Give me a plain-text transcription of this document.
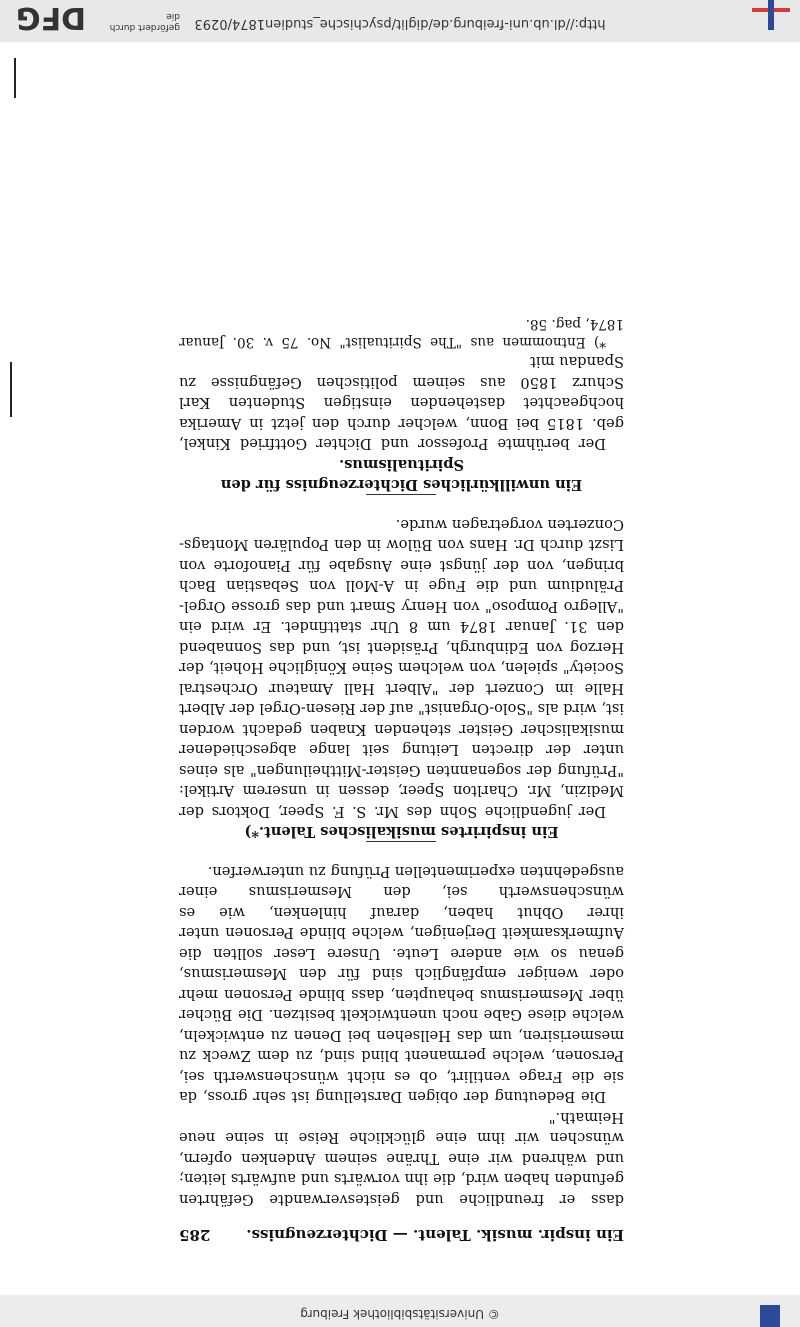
http://dl.ub.uni-freiburg.de/diglit/psychische_studien1874/0293
DFG	gefördert durch die
© Universitätsbibliothek Freiburg
Ein inspir. musik. Talent. — Dichterzeugniss.
285

dass er freundliche und geistesverwandte Gefährten gefunden haben wird, die ihn vorwärts und aufwärts leiten; und während wir eine Thräne seinem Andenken opfern, wünschen wir ihm eine glückliche Reise in seine neue Heimath."

Die Bedeutung der obigen Darstellung ist sehr gross, da sie die Frage ventilirt, ob es nicht wünschenswerth sei, Personen, welche permanent blind sind, zu dem Zweck zu mesmerisiren, um das Hellsehen bei Denen zu entwickeln, welche diese Gabe noch unentwickelt besitzen. Die Bücher über Mesmerismus behaupten, dass blinde Personen mehr oder weniger empfänglich sind für den Mesmerismus, genau so wie andere Leute. Unsere Leser sollten die Aufmerksamkeit Derjenigen, welche blinde Personen unter ihrer Obhut haben, darauf hinlenken, wie es wünschenswerth sei, den Mesmerismus einer ausgedehnten experimentellen Prüfung zu unterwerfen.

Ein inspirirtes musikalisches Talent.*)

Der jugendliche Sohn des Mr. S. F. Speer, Doktors der Medizin, Mr. Charlton Speer, dessen in unserem Artikel: "Prüfung der sogenannten Geister-Mittheilungen" als eines unter der directen Leitung seit lange abgeschiedener musikalischer Geister stehenden Knaben gedacht worden ist, wird als "Solo-Organist" auf der Riesen-Orgel der Albert Halle im Conzert der "Albert Hall Amateur Orchestral Society" spielen, von welchem Seine Königliche Hoheit, der Herzog von Edinburgh, Präsident ist, und das Sonnabend den 31. Januar 1874 um 8 Uhr stattfindet. Er wird ein "Allegro Pomposo" von Henry Smart und das grosse Orgel-Präludium und die Fuge in A-Moll von Sebastian Bach bringen, von der jüngst eine Ausgabe für Pianoforte von Liszt durch Dr. Hans von Bülow in den Populären Montags-Conzerten vorgetragen wurde.

Ein unwillkürliches Dichterzeugniss für den Spiritualismus.

Der berühmte Professor und Dichter Gottfried Kinkel, geb. 1815 bei Bonn, welcher durch den jetzt in Amerika hochgeachtet dastehenden einstigen Studenten Karl Schurz 1850 aus seinem politischen Gefängnisse zu Spandau mit

*) Entnommen aus "The Spiritualist" No. 75 v. 30. Januar 1874, pag. 58.
